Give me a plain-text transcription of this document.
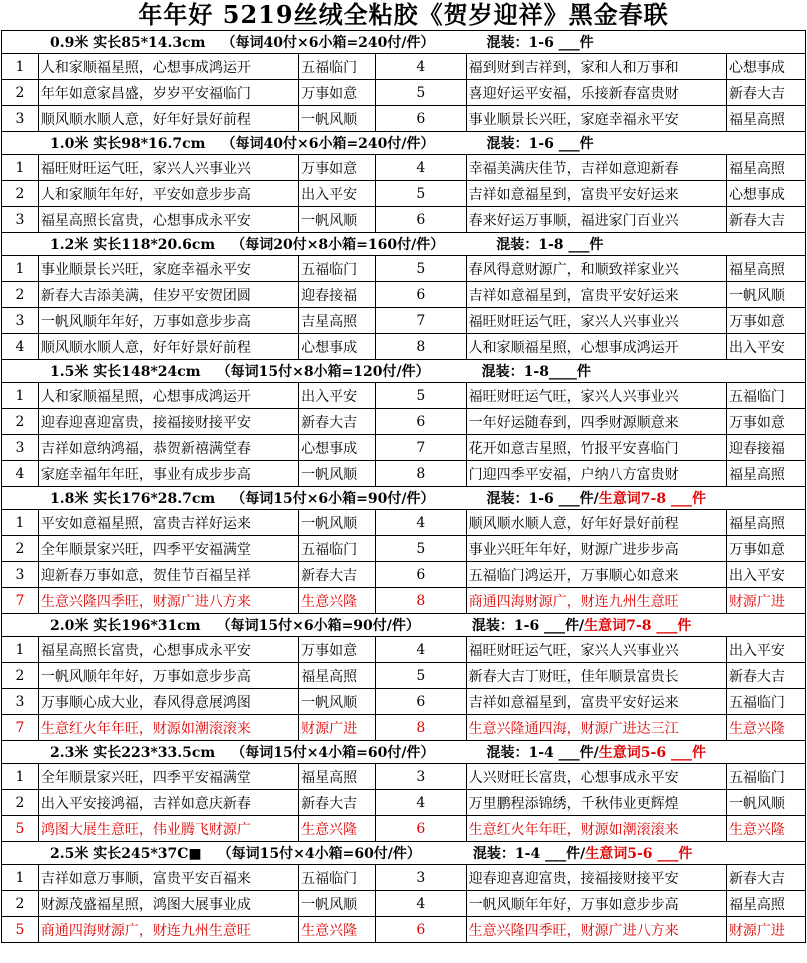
年年好 5219丝绒全粘胶《贺岁迎祥》黑金春联
0.9米 实长85*14.3cm （每词40付×6小箱=240付/件） 混装：1-6 ___件					
1	人和家顺福星照，心想事成鸿运开	五福临门	4	福到财到吉祥到，家和人和万事和	心想事成
2	年年如意家昌盛，岁岁平安福临门	万事如意	5	喜迎好运平安福，乐接新春富贵财	新春大吉
3	顺风顺水顺人意，好年好景好前程	一帆风顺	6	事业顺景长兴旺，家庭幸福永平安	福星高照
1.0米 实长98*16.7cm （每词40付×6小箱=240付/件） 混装：1-6 ___件					
1	福旺财旺运气旺，家兴人兴事业兴	万事如意	4	幸福美满庆佳节，吉祥如意迎新春	福星高照
2	人和家顺年年好，平安如意步步高	出入平安	5	吉祥如意福星到，富贵平安好运来	心想事成
3	福星高照长富贵，心想事成永平安	一帆风顺	6	春来好运万事顺，福进家门百业兴	新春大吉
1.2米 实长118*20.6cm （每词20付×8小箱=160付/件） 混装：1-8 ___件					
1	事业顺景长兴旺，家庭幸福永平安	五福临门	5	春风得意财源广，和顺致祥家业兴	福星高照
2	新春大吉添美满，佳岁平安贺团圆	迎春接福	6	吉祥如意福星到，富贵平安好运来	一帆风顺
3	一帆风顺年年好，万事如意步步高	吉星高照	7	福旺财旺运气旺，家兴人兴事业兴	万事如意
4	顺风顺水顺人意，好年好景好前程	心想事成	8	人和家顺福星照，心想事成鸿运开	出入平安
1.5米 实长148*24cm （每词15付×8小箱=120付/件） 混装：1-8____件					
1	人和家顺福星照，心想事成鸿运开	出入平安	5	福旺财旺运气旺，家兴人兴事业兴	五福临门
2	迎春迎喜迎富贵，接福接财接平安	新春大吉	6	一年好运随春到，四季财源顺意来	万事如意
3	吉祥如意纳鸿福，恭贺新禧满堂春	心想事成	7	花开如意吉星照，竹报平安喜临门	迎春接福
4	家庭幸福年年旺，事业有成步步高	一帆风顺	8	门迎四季平安福，户纳八方富贵财	福星高照
1.8米 实长176*28.7cm （每词15付×6小箱=90付/件） 混装：1-6 ___件/生意词7-8 ___件					
1	平安如意福星照，富贵吉祥好运来	一帆风顺	4	顺风顺水顺人意，好年好景好前程	福星高照
2	全年顺景家兴旺，四季平安福满堂	五福临门	5	事业兴旺年年好，财源广进步步高	万事如意
3	迎新春万事如意，贺佳节百福呈祥	新春大吉	6	五福临门鸿运开，万事顺心如意来	出入平安
7	生意兴隆四季旺，财源广进八方来	生意兴隆	8	商通四海财源广，财连九州生意旺	财源广进
2.0米 实长196*31cm （每词15付×6小箱=90付/件） 混装：1-6 ___件/生意词7-8 ___件					
1	福星高照长富贵，心想事成永平安	万事如意	4	福旺财旺运气旺，家兴人兴事业兴	出入平安
2	一帆风顺年年好，万事如意步步高	福星高照	5	新春大吉丁财旺，佳年顺景富贵长	新春大吉
3	万事顺心成大业，春风得意展鸿图	一帆风顺	6	吉祥如意福星到，富贵平安好运来	五福临门
7	生意红火年年旺，财源如潮滚滚来	财源广进	8	生意兴隆通四海，财源广进达三江	生意兴隆
2.3米 实长223*33.5cm （每词15付×4小箱=60付/件） 混装：1-4 ___件/生意词5-6 ___件					
1	全年顺景家兴旺，四季平安福满堂	福星高照	3	人兴财旺长富贵，心想事成永平安	五福临门
2	出入平安接鸿福，吉祥如意庆新春	新春大吉	4	万里鹏程添锦绣，千秋伟业更辉煌	一帆风顺
5	鸿图大展生意旺，伟业腾飞财源广	生意兴隆	6	生意红火年年旺，财源如潮滚滚来	生意兴隆
2.5米 实长245*37C■ （每词15付×4小箱=60付/件） 混装：1-4 ___件/生意词5-6 ___件					
1	吉祥如意万事顺，富贵平安百福来	五福临门	3	迎春迎喜迎富贵，接福接财接平安	新春大吉
2	财源茂盛福星照，鸿图大展事业成	一帆风顺	4	一帆风顺年年好，万事如意步步高	福星高照
5	商通四海财源广，财连九州生意旺	生意兴隆	6	生意兴隆四季旺，财源广进八方来	财源广进
